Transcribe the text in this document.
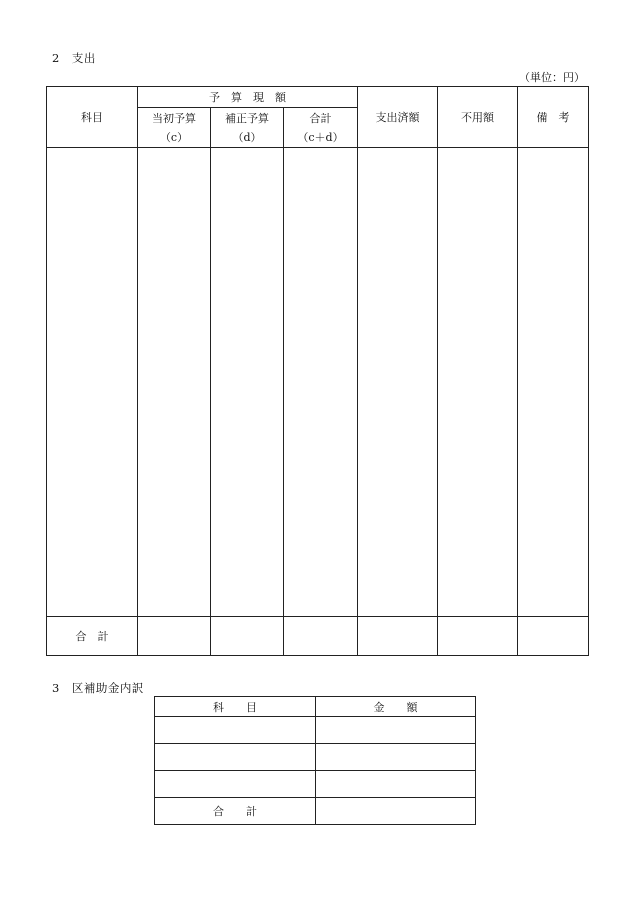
2　支出
（単位：円）
科目	予　算　現　額			支出済額	不用額	備　考
	当初予算	補正予算	合計			
	（c）	（d）	（c＋d）			

合　計						
3　区補助金内訳
科　　目	金　　額

合　　計	
